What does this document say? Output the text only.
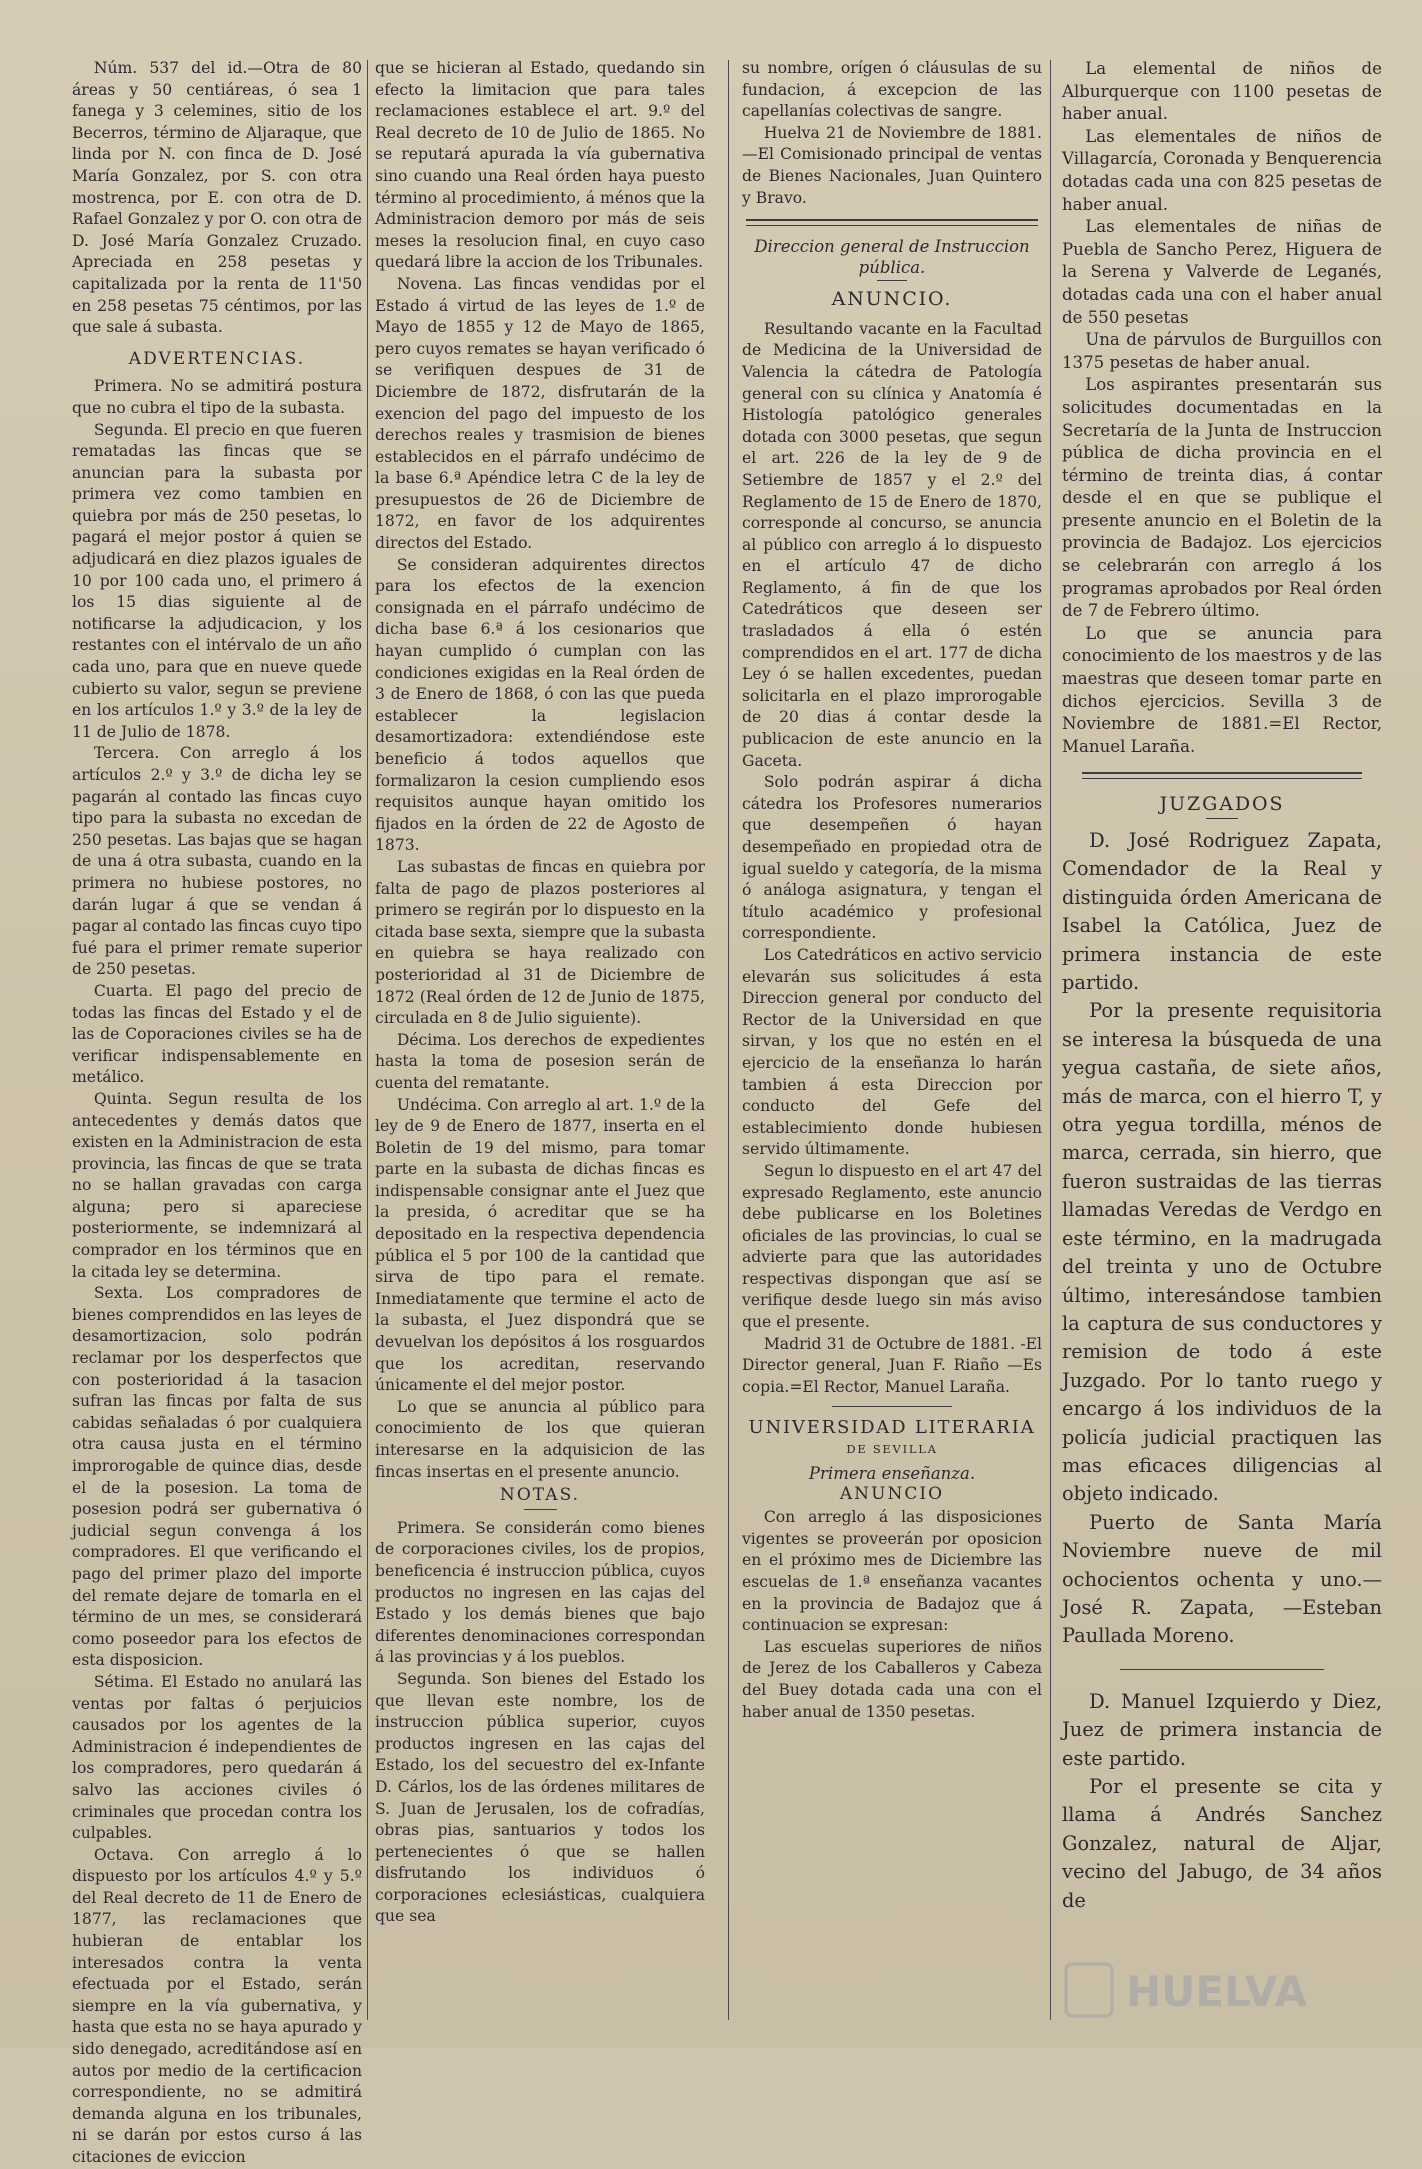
Núm. 537 del id.—Otra de 80 áreas y 50 centiáreas, ó sea 1 fanega y 3 celemines, sitio de los Becerros, término de Aljaraque, que linda por N. con finca de D. José María Gonzalez, por S. con otra mostrenca, por E. con otra de D. Rafael Gonzalez y por O. con otra de D. José María Gonzalez Cruzado. Apreciada en 258 pesetas y capitalizada por la renta de 11'50 en 258 pesetas 75 céntimos, por las que sale á subasta.

ADVERTENCIAS.

Primera. No se admitirá postura que no cubra el tipo de la subasta.

Segunda. El precio en que fueren rematadas las fincas que se anuncian para la subasta por primera vez como tambien en quiebra por más de 250 pesetas, lo pagará el mejor postor á quien se adjudicará en diez plazos iguales de 10 por 100 cada uno, el primero á los 15 dias siguiente al de notificarse la adjudicacion, y los restantes con el intérvalo de un año cada uno, para que en nueve quede cubierto su valor, segun se previene en los artículos 1.º y 3.º de la ley de 11 de Julio de 1878.

Tercera. Con arreglo á los artículos 2.º y 3.º de dicha ley se pagarán al contado las fincas cuyo tipo para la subasta no excedan de 250 pesetas. Las bajas que se hagan de una á otra subasta, cuando en la primera no hubiese postores, no darán lugar á que se vendan á pagar al contado las fincas cuyo tipo fué para el primer remate superior de 250 pesetas.

Cuarta. El pago del precio de todas las fincas del Estado y el de las de Coporaciones civiles se ha de verificar indispensablemente en metálico.

Quinta. Segun resulta de los antecedentes y demás datos que existen en la Administracion de esta provincia, las fincas de que se trata no se hallan gravadas con carga alguna; pero si apareciese posteriormente, se indemnizará al comprador en los términos que en la citada ley se determina.

Sexta. Los compradores de bienes comprendidos en las leyes de desamortizacion, solo podrán reclamar por los desperfectos que con posterioridad á la tasacion sufran las fincas por falta de sus cabidas señaladas ó por cualquiera otra causa justa en el término improrogable de quince dias, desde el de la posesion. La toma de posesion podrá ser gubernativa ó judicial segun convenga á los compradores. El que verificando el pago del primer plazo del importe del remate dejare de tomarla en el término de un mes, se considerará como poseedor para los efectos de esta disposicion.

Sétima. El Estado no anulará las ventas por faltas ó perjuicios causados por los agentes de la Administracion é independientes de los compradores, pero quedarán á salvo las acciones civiles ó criminales que procedan contra los culpables.

Octava. Con arreglo á lo dispuesto por los artículos 4.º y 5.º del Real decreto de 11 de Enero de 1877, las reclamaciones que hubieran de entablar los interesados contra la venta efectuada por el Estado, serán siempre en la vía gubernativa, y hasta que esta no se haya apurado y sido denegado, acreditándose así en autos por medio de la certificacion correspondiente, no se admitirá demanda alguna en los tribunales, ni se darán por estos curso á las citaciones de eviccion

que se hicieran al Estado, quedando sin efecto la limitacion que para tales reclamaciones establece el art. 9.º del Real decreto de 10 de Julio de 1865. No se reputará apurada la vía gubernativa sino cuando una Real órden haya puesto término al procedimiento, á ménos que la Administracion demoro por más de seis meses la resolucion final, en cuyo caso quedará libre la accion de los Tribunales.

Novena. Las fincas vendidas por el Estado á virtud de las leyes de 1.º de Mayo de 1855 y 12 de Mayo de 1865, pero cuyos remates se hayan verificado ó se verifiquen despues de 31 de Diciembre de 1872, disfrutarán de la exencion del pago del impuesto de los derechos reales y trasmision de bienes establecidos en el párrafo undécimo de la base 6.ª Apéndice letra C de la ley de presupuestos de 26 de Diciembre de 1872, en favor de los adquirentes directos del Estado.

Se consideran adquirentes directos para los efectos de la exencion consignada en el párrafo undécimo de dicha base 6.ª á los cesionarios que hayan cumplido ó cumplan con las condiciones exigidas en la Real órden de 3 de Enero de 1868, ó con las que pueda establecer la legislacion desamortizadora: extendiéndose este beneficio á todos aquellos que formalizaron la cesion cumpliendo esos requisitos aunque hayan omitido los fijados en la órden de 22 de Agosto de 1873.

Las subastas de fincas en quiebra por falta de pago de plazos posteriores al primero se regirán por lo dispuesto en la citada base sexta, siempre que la subasta en quiebra se haya realizado con posterioridad al 31 de Diciembre de 1872 (Real órden de 12 de Junio de 1875, circulada en 8 de Julio siguiente).

Décima. Los derechos de expedientes hasta la toma de posesion serán de cuenta del rematante.

Undécima. Con arreglo al art. 1.º de la ley de 9 de Enero de 1877, inserta en el Boletin de 19 del mismo, para tomar parte en la subasta de dichas fincas es indispensable consignar ante el Juez que la presida, ó acreditar que se ha depositado en la respectiva dependencia pública el 5 por 100 de la cantidad que sirva de tipo para el remate. Inmediatamente que termine el acto de la subasta, el Juez dispondrá que se devuelvan los depósitos á los rosguardos que los acreditan, reservando únicamente el del mejor postor.

Lo que se anuncia al público para conocimiento de los que quieran interesarse en la adquisicion de las fincas insertas en el presente anuncio.

NOTAS.

Primera. Se considerán como bienes de corporaciones civiles, los de propios, beneficencia é instruccion pública, cuyos productos no ingresen en las cajas del Estado y los demás bienes que bajo diferentes denominaciones correspondan á las provincias y á los pueblos.

Segunda. Son bienes del Estado los que llevan este nombre, los de instruccion pública superior, cuyos productos ingresen en las cajas del Estado, los del secuestro del ex-Infante D. Cárlos, los de las órdenes militares de S. Juan de Jerusalen, los de cofradías, obras pias, santuarios y todos los pertenecientes ó que se hallen disfrutando los individuos ó corporaciones eclesiásticas, cualquiera que sea

su nombre, orígen ó cláusulas de su fundacion, á excepcion de las capellanías colectivas de sangre.

Huelva 21 de Noviembre de 1881.—El Comisionado principal de ventas de Bienes Nacionales, Juan Quintero y Bravo.

Direccion general de Instruccion pública.
ANUNCIO.

Resultando vacante en la Facultad de Medicina de la Universidad de Valencia la cátedra de Patología general con su clínica y Anatomía é Histología patológico generales dotada con 3000 pesetas, que segun el art. 226 de la ley de 9 de Setiembre de 1857 y el 2.º del Reglamento de 15 de Enero de 1870, corresponde al concurso, se anuncia al público con arreglo á lo dispuesto en el artículo 47 de dicho Reglamento, á fin de que los Catedráticos que deseen ser trasladados á ella ó estén comprendidos en el art. 177 de dicha Ley ó se hallen excedentes, puedan solicitarla en el plazo improrogable de 20 dias á contar desde la publicacion de este anuncio en la Gaceta.

Solo podrán aspirar á dicha cátedra los Profesores numerarios que desempeñen ó hayan desempeñado en propiedad otra de igual sueldo y categoría, de la misma ó análoga asignatura, y tengan el título académico y profesional correspondiente.

Los Catedráticos en activo servicio elevarán sus solicitudes á esta Direccion general por conducto del Rector de la Universidad en que sirvan, y los que no estén en el ejercicio de la enseñanza lo harán tambien á esta Direccion por conducto del Gefe del establecimiento donde hubiesen servido últimamente.

Segun lo dispuesto en el art 47 del expresado Reglamento, este anuncio debe publicarse en los Boletines oficiales de las provincias, lo cual se advierte para que las autoridades respectivas dispongan que así se verifique desde luego sin más aviso que el presente.

Madrid 31 de Octubre de 1881. -El Director general, Juan F. Riaño —Es copia.=El Rector, Manuel Laraña.

UNIVERSIDAD LITERARIA
DE SEVILLA
Primera enseñanza.
ANUNCIO

Con arreglo á las disposiciones vigentes se proveerán por oposicion en el próximo mes de Diciembre las escuelas de 1.ª enseñanza vacantes en la provincia de Badajoz que á continuacion se expresan:

Las escuelas superiores de niños de Jerez de los Caballeros y Cabeza del Buey dotada cada una con el haber anual de 1350 pesetas.

La elemental de niños de Alburquerque con 1100 pesetas de haber anual.

Las elementales de niños de Villagarcía, Coronada y Benquerencia dotadas cada una con 825 pesetas de haber anual.

Las elementales de niñas de Puebla de Sancho Perez, Higuera de la Serena y Valverde de Leganés, dotadas cada una con el haber anual de 550 pesetas

Una de párvulos de Burguillos con 1375 pesetas de haber anual.

Los aspirantes presentarán sus solicitudes documentadas en la Secretaría de la Junta de Instruccion pública de dicha provincia en el término de treinta dias, á contar desde el en que se publique el presente anuncio en el Boletin de la provincia de Badajoz. Los ejercicios se celebrarán con arreglo á los programas aprobados por Real órden de 7 de Febrero último.

Lo que se anuncia para conocimiento de los maestros y de las maestras que deseen tomar parte en dichos ejercicios. Sevilla 3 de Noviembre de 1881.=El Rector, Manuel Laraña.

JUZGADOS

D. José Rodriguez Zapata, Comendador de la Real y distinguida órden Americana de Isabel la Católica, Juez de primera instancia de este partido.

Por la presente requisitoria se interesa la búsqueda de una yegua castaña, de siete años, más de marca, con el hierro T, y otra yegua tordilla, ménos de marca, cerrada, sin hierro, que fueron sustraidas de las tierras llamadas Veredas de Verdgo en este término, en la madrugada del treinta y uno de Octubre último, interesándose tambien la captura de sus conductores y remision de todo á este Juzgado. Por lo tanto ruego y encargo á los individuos de la policía judicial practiquen las mas eficaces diligencias al objeto indicado.

Puerto de Santa María Noviembre nueve de mil ochocientos ochenta y uno.—José R. Zapata, —Esteban Paullada Moreno.

D. Manuel Izquierdo y Diez, Juez de primera instancia de este partido.

Por el presente se cita y llama á Andrés Sanchez Gonzalez, natural de Aljar, vecino del Jabugo, de 34 años de

HUELVA
